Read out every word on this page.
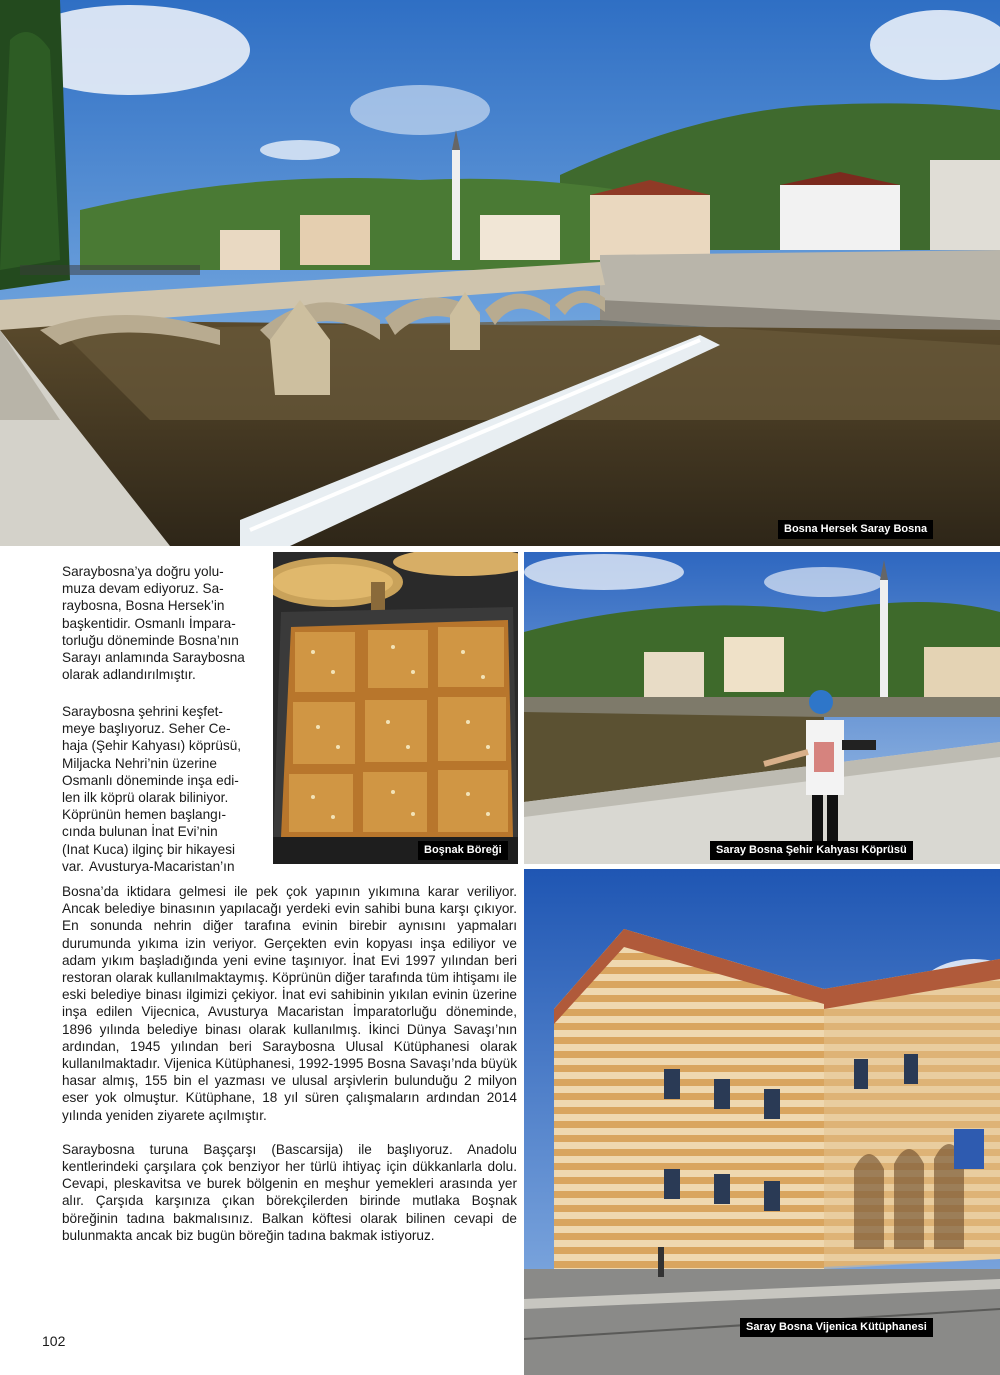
Bosna Hersek Saray Bosna
Boşnak Böreği	Saray Bosna Şehir Kahyası Köprüsü
Saray Bosna Vijenica Kütüphanesi
Saraybosna’ya doğru yolu-
muza devam ediyoruz. Sa-
raybosna, Bosna Hersek’in
başkentidir. Osmanlı İmpara-
torluğu döneminde Bosna’nın
Sarayı anlamında Saraybosna
olarak adlandırılmıştır.
Saraybosna şehrini keşfet-
meye başlıyoruz. Seher Ce-
haja (Şehir Kahyası) köprüsü,
Miljacka Nehri’nin üzerine
Osmanlı döneminde inşa edi-
len ilk köprü olarak biliniyor.
Köprünün hemen başlangı-
cında bulunan İnat Evi’nin
(Inat Kuca) ilginç bir hikayesi
var. Avusturya-Macaristan’ın

Bosna’da iktidara gelmesi ile pek çok yapının yıkımına karar veriliyor. Ancak belediye binasının yapılacağı yerdeki evin sahibi buna karşı çıkıyor. En sonunda nehrin diğer tarafına evinin birebir aynısını yapmaları durumunda yıkıma izin veriyor. Gerçekten evin kopyası inşa ediliyor ve adam yıkım başladığında yeni evine taşınıyor. İnat Evi 1997 yılından beri restoran olarak kullanılmaktaymış. Köprünün diğer tarafında tüm ihtişamı ile eski belediye binası ilgimizi çekiyor. İnat evi sahibinin yıkılan evinin üzerine inşa edilen Vijecnica, Avusturya Macaristan İmparatorluğu döneminde, 1896 yılında belediye binası olarak kullanılmış. İkinci Dünya Savaşı’nın ardından, 1945 yılından beri Saraybosna Ulusal Kütüphanesi olarak kullanılmaktadır. Vijenica Kütüphanesi, 1992-1995 Bosna Savaşı’nda büyük hasar almış, 155 bin el yazması ve ulusal arşivlerin bulunduğu 2 milyon eser yok olmuştur. Kütüphane, 18 yıl süren çalışmaların ardından 2014 yılında yeniden ziyarete açılmıştır.

Saraybosna turuna Başçarşı (Bascarsija) ile başlıyoruz. Anadolu kentlerindeki çarşılara çok benziyor her türlü ihtiyaç için dükkanlarla dolu. Cevapi, pleskavitsa ve burek bölgenin en meşhur yemekleri arasında yer alır. Çarşıda karşınıza çıkan börekçilerden birinde mutlaka Boşnak böreğinin tadına bakmalısınız. Balkan köftesi olarak bilinen cevapi de bulunmakta ancak biz bugün böreğin tadına bakmak istiyoruz.

102
